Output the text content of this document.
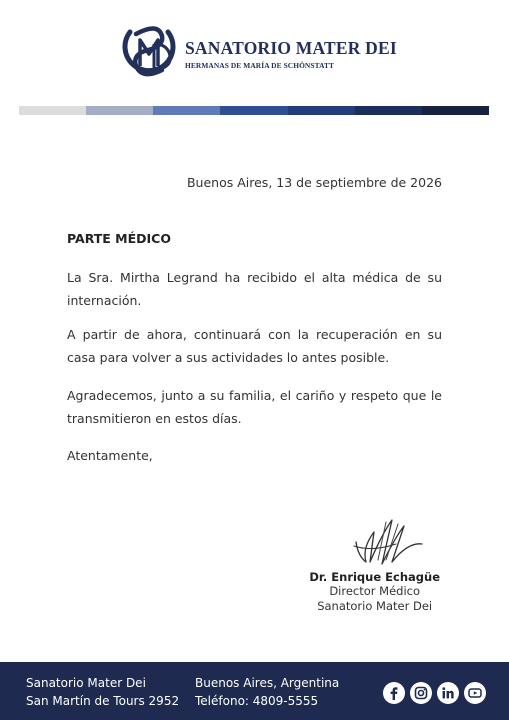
SANATORIO MATER DEI
HERMANAS DE MARÍA DE SCHÖNSTATT
Buenos Aires, 13 de septiembre de 2026
PARTE MÉDICO

La Sra. Mirtha Legrand ha recibido el alta médica de su internación.

A partir de ahora, continuará con la recuperación en su casa para volver a sus actividades lo antes posible.

Agradecemos, junto a su familia, el cariño y respeto que le transmitieron en estos días.

Atentamente,
Dr. Enrique Echagüe
Director Médico
Sanatorio Mater Dei
Sanatorio Mater Dei
San Martín de Tours 2952
Buenos Aires, Argentina
Teléfono: 4809-5555
